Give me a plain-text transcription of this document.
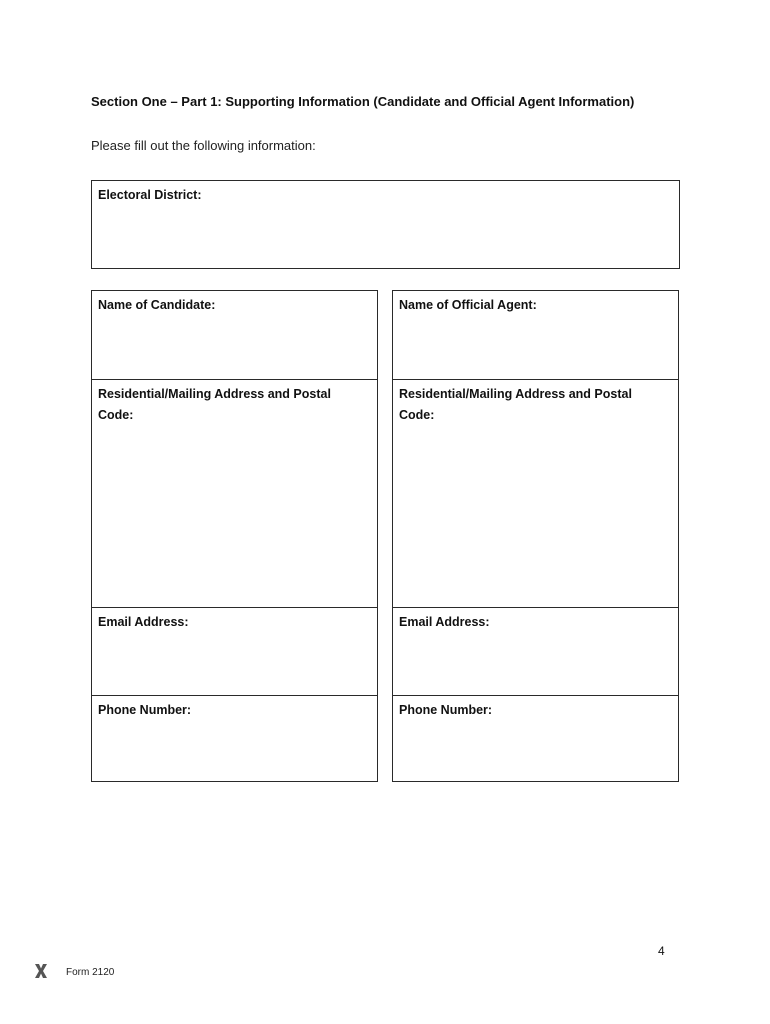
Section One – Part 1: Supporting Information (Candidate and Official Agent Information)
Please fill out the following information:
Electoral District:
Name of Candidate:
Residential/Mailing Address and Postal Code:
Email Address:
Phone Number:
Name of Official Agent:
Residential/Mailing Address and Postal Code:
Email Address:
Phone Number:
4
Form 2120
